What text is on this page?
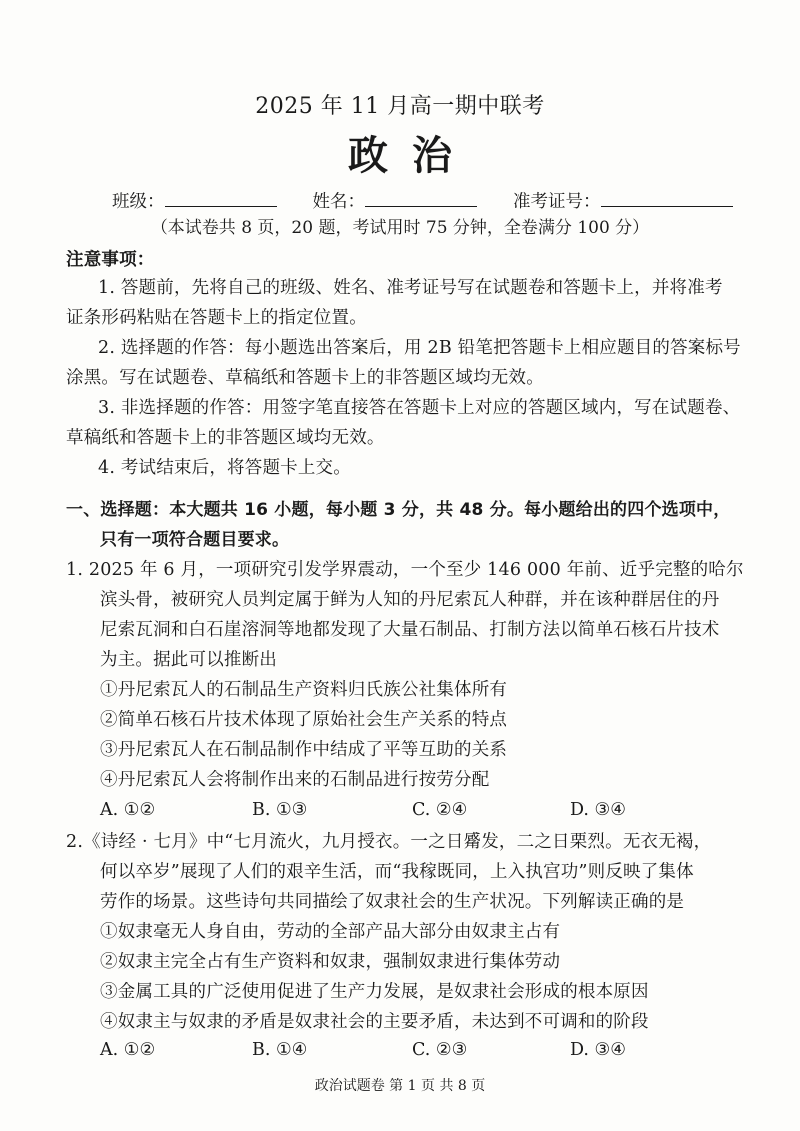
2025 年 11 月高一期中联考
政 治
班级：	姓名：	准考证号：
（本试卷共 8 页，20 题，考试用时 75 分钟，全卷满分 100 分）
注意事项：
1. 答题前，先将自己的班级、姓名、准考证号写在试题卷和答题卡上，并将准考
证条形码粘贴在答题卡上的指定位置。
2. 选择题的作答：每小题选出答案后，用 2B 铅笔把答题卡上相应题目的答案标号
涂黑。写在试题卷、草稿纸和答题卡上的非答题区域均无效。
3. 非选择题的作答：用签字笔直接答在答题卡上对应的答题区域内，写在试题卷、
草稿纸和答题卡上的非答题区域均无效。
4. 考试结束后，将答题卡上交。
一、选择题：本大题共 16 小题，每小题 3 分，共 48 分。每小题给出的四个选项中，
只有一项符合题目要求。
1. 2025 年 6 月，一项研究引发学界震动，一个至少 146 000 年前、近乎完整的哈尔
滨头骨，被研究人员判定属于鲜为人知的丹尼索瓦人种群，并在该种群居住的丹
尼索瓦洞和白石崖溶洞等地都发现了大量石制品、打制方法以简单石核石片技术
为主。据此可以推断出
①丹尼索瓦人的石制品生产资料归氏族公社集体所有
②简单石核石片技术体现了原始社会生产关系的特点
③丹尼索瓦人在石制品制作中结成了平等互助的关系
④丹尼索瓦人会将制作出来的石制品进行按劳分配
A. ①②	B. ①③	C. ②④	D. ③④
2.《诗经 · 七月》中“七月流火，九月授衣。一之日觱发，二之日栗烈。无衣无褐，
何以卒岁”展现了人们的艰辛生活，而“我稼既同，上入执宫功”则反映了集体
劳作的场景。这些诗句共同描绘了奴隶社会的生产状况。下列解读正确的是
①奴隶毫无人身自由，劳动的全部产品大部分由奴隶主占有
②奴隶主完全占有生产资料和奴隶，强制奴隶进行集体劳动
③金属工具的广泛使用促进了生产力发展，是奴隶社会形成的根本原因
④奴隶主与奴隶的矛盾是奴隶社会的主要矛盾，未达到不可调和的阶段
A. ①②	B. ①④	C. ②③	D. ③④
政治试题卷 第 1 页 共 8 页
